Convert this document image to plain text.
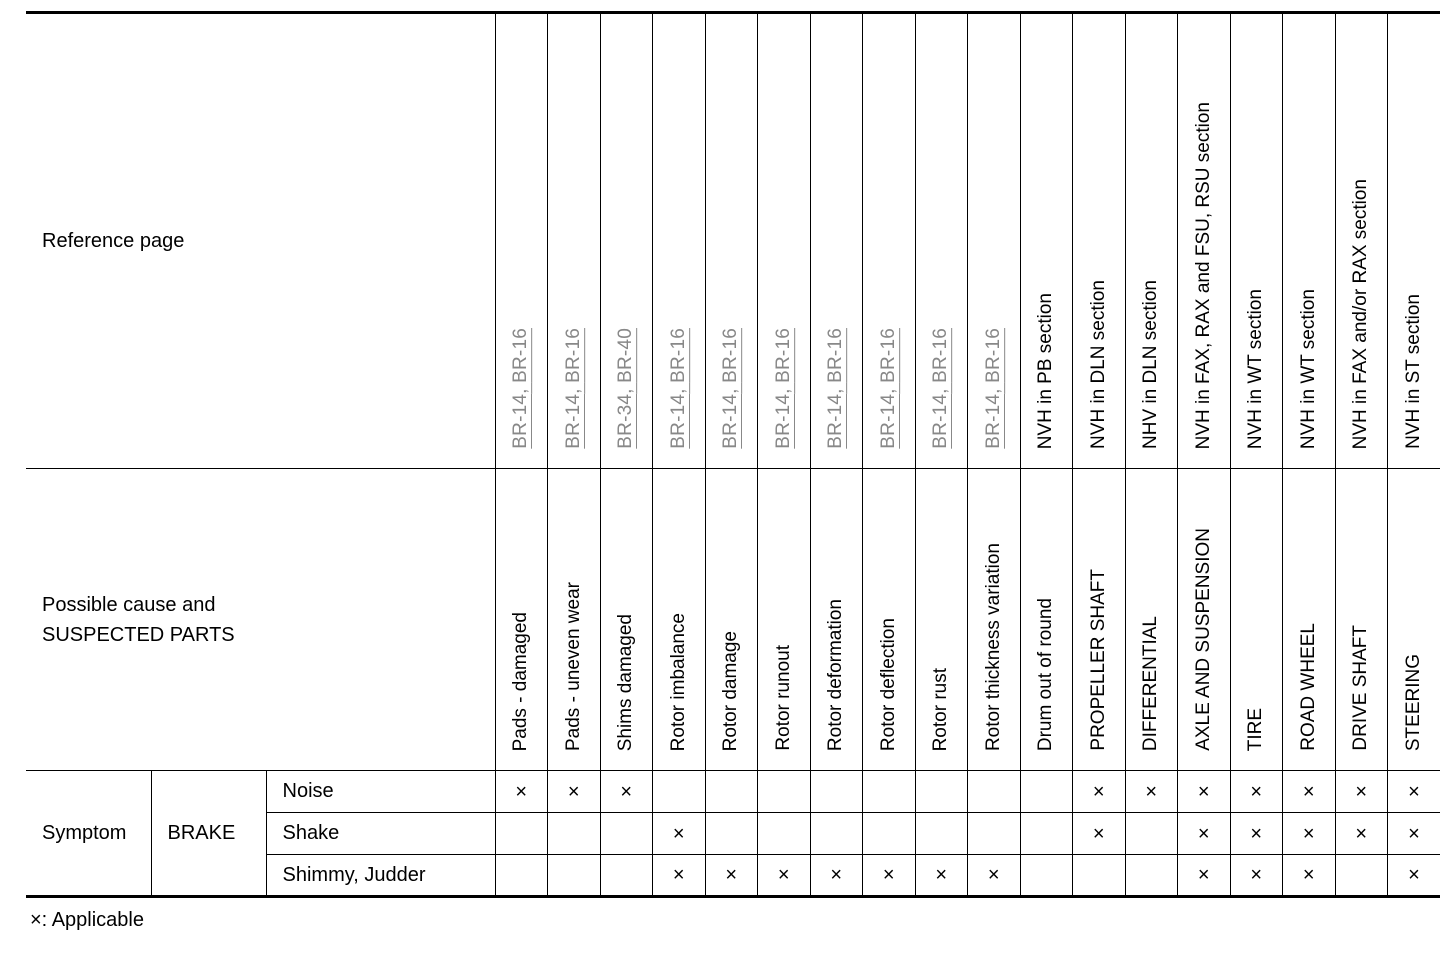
Reference page			BR-14, BR-16	BR-14, BR-16	BR-34, BR-40	BR-14, BR-16	BR-14, BR-16	BR-14, BR-16	BR-14, BR-16	BR-14, BR-16	BR-14, BR-16	BR-14, BR-16	NVH in PB section	NVH in DLN section	NHV in DLN section	NVH in FAX, RAX and FSU, RSU section	NVH in WT section	NVH in WT section	NVH in FAX and/or RAX section	NVH in ST section
Possible cause and
SUSPECTED PARTS			Pads - damaged	Pads - uneven wear	Shims damaged	Rotor imbalance	Rotor damage	Rotor runout	Rotor deformation	Rotor deflection	Rotor rust	Rotor thickness variation	Drum out of round	PROPELLER SHAFT	DIFFERENTIAL	AXLE AND SUSPENSION	TIRE	ROAD WHEEL	DRIVE SHAFT	STEERING
Symptom	BRAKE	Noise	×	×	×									×	×	×	×	×	×	×
		Shake				×								×		×	×	×	×	×
		Shimmy, Judder				×	×	×	×	×	×	×				×	×	×		×
×: Applicable
